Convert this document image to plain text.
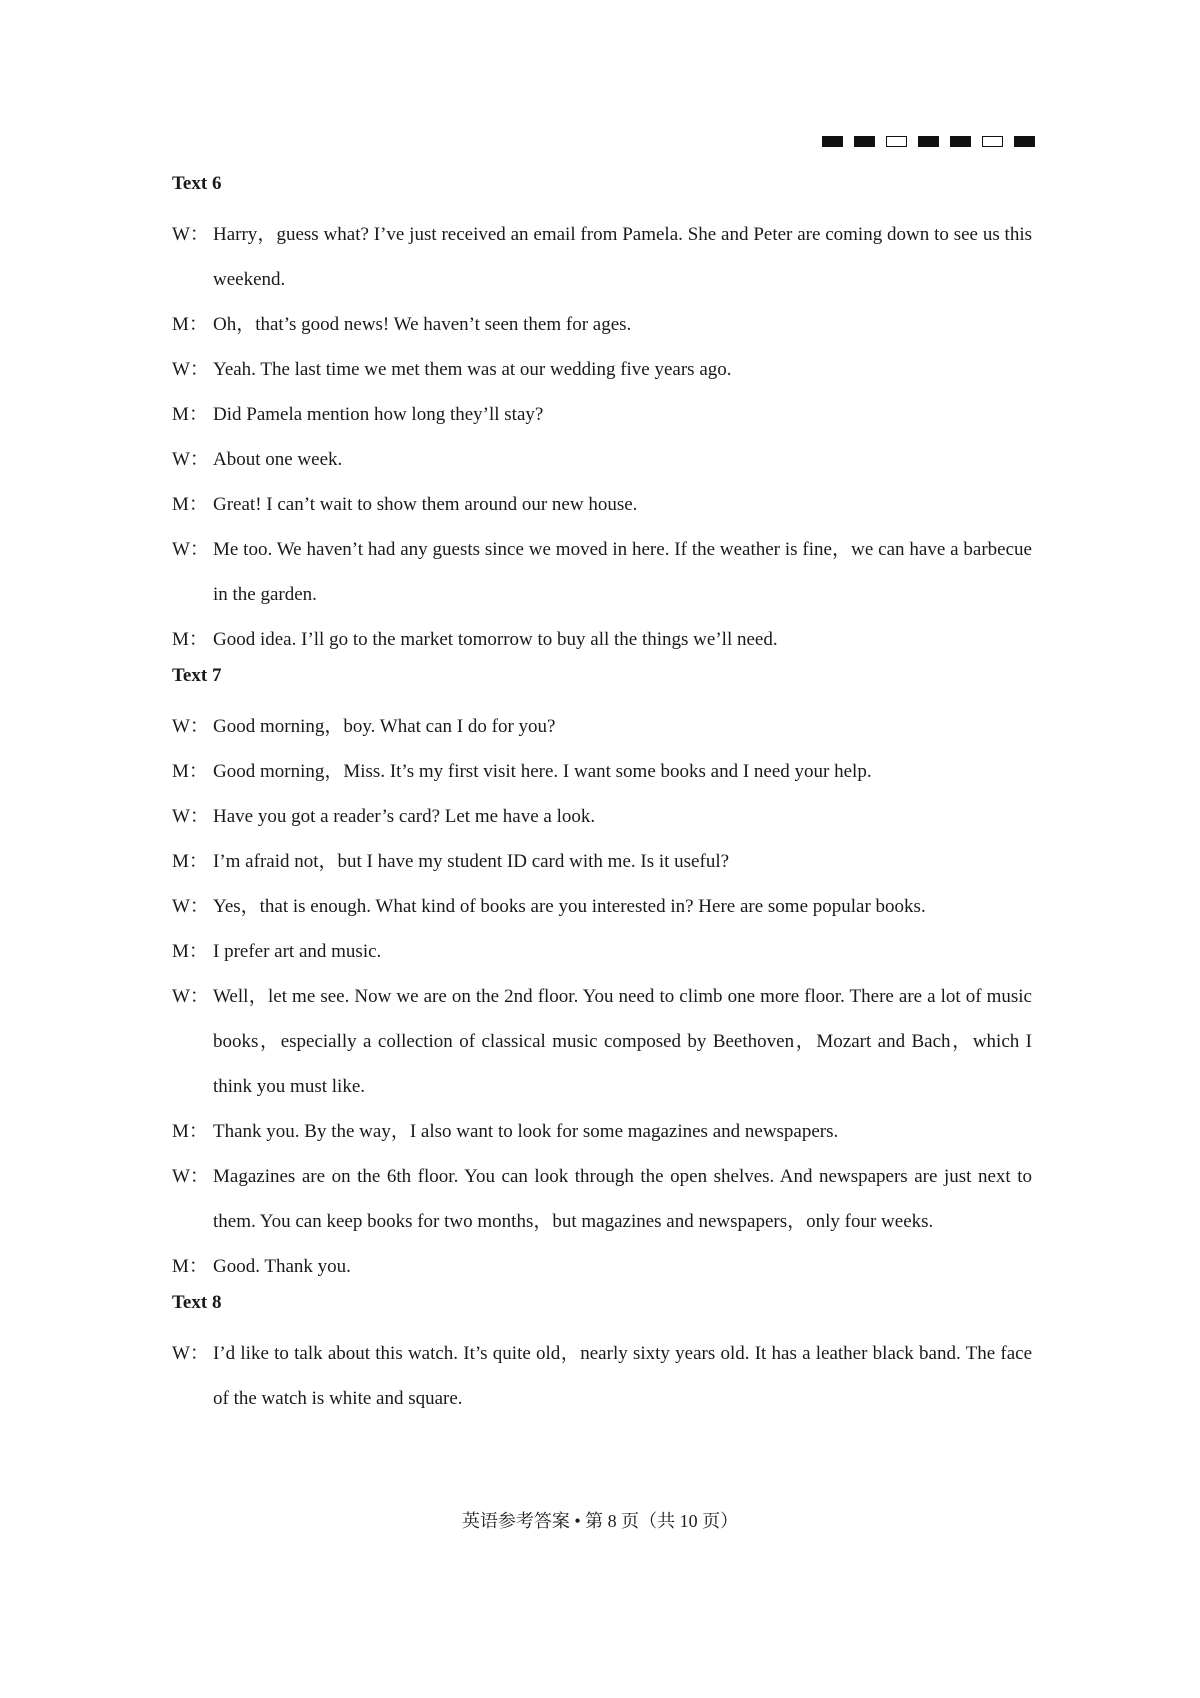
Text 6

W： Harry，guess what? I’ve just received an email from Pamela. She and Peter are coming down to see us this weekend.

M： Oh，that’s good news! We haven’t seen them for ages.

W： Yeah. The last time we met them was at our wedding five years ago.

M： Did Pamela mention how long they’ll stay?

W： About one week.

M： Great! I can’t wait to show them around our new house.

W： Me too. We haven’t had any guests since we moved in here. If the weather is fine，we can have a barbecue in the garden.

M： Good idea. I’ll go to the market tomorrow to buy all the things we’ll need.

Text 7

W： Good morning，boy. What can I do for you?

M： Good morning，Miss. It’s my first visit here. I want some books and I need your help.

W： Have you got a reader’s card? Let me have a look.

M： I’m afraid not，but I have my student ID card with me. Is it useful?

W： Yes，that is enough. What kind of books are you interested in? Here are some popular books.

M： I prefer art and music.

W： Well，let me see. Now we are on the 2nd floor. You need to climb one more floor. There are a lot of music books，especially a collection of classical music composed by Beethoven，Mozart and Bach，which I think you must like.

M： Thank you. By the way，I also want to look for some magazines and newspapers.

W： Magazines are on the 6th floor. You can look through the open shelves. And newspapers are just next to them. You can keep books for two months，but magazines and newspapers，only four weeks.

M： Good. Thank you.

Text 8

W： I’d like to talk about this watch. It’s quite old，nearly sixty years old. It has a leather black band. The face of the watch is white and square.

英语参考答案 • 第 8 页（共 10 页）
